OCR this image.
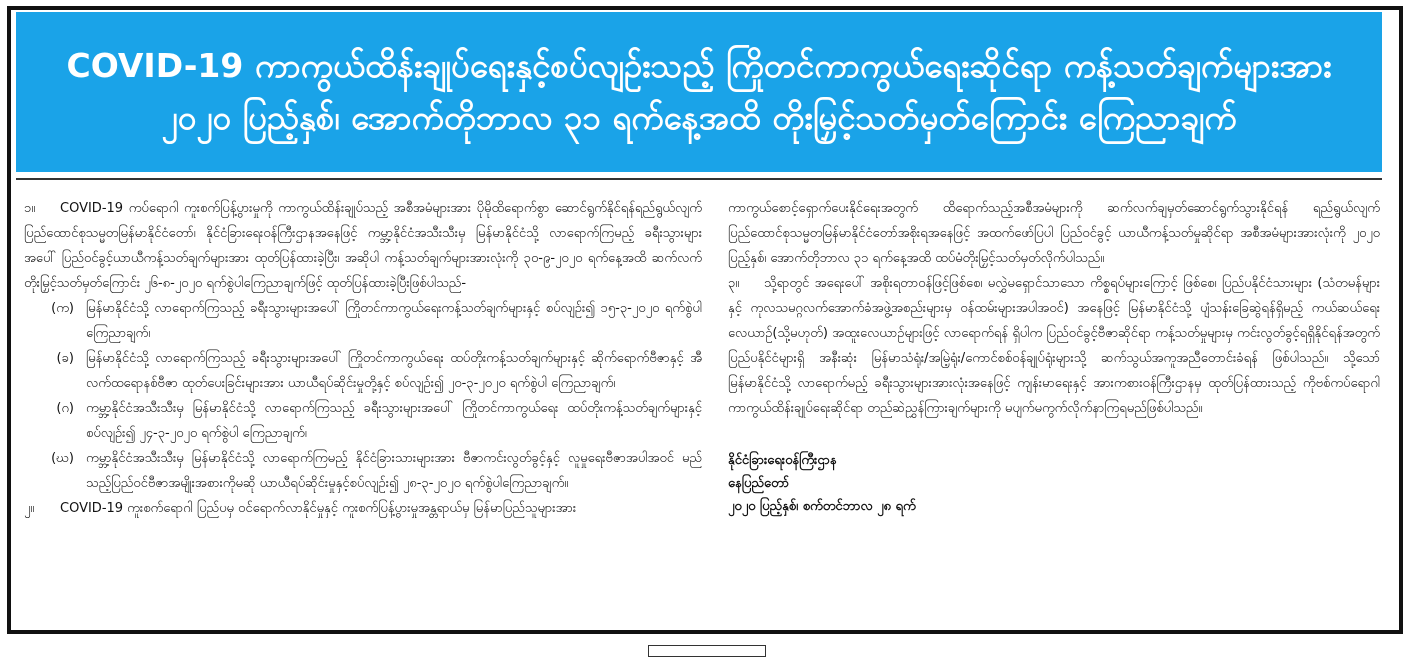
COVID-19 ကာကွယ်ထိန်းချုပ်ရေးနှင့်စပ်လျဉ်းသည့် ကြိုတင်ကာကွယ်ရေးဆိုင်ရာ ကန့်သတ်ချက်များအား
၂၀၂၀ ပြည့်နှစ်၊ အောက်တိုဘာလ ၃၁ ရက်နေ့အထိ တိုးမြှင့်သတ်မှတ်ကြောင်း ကြေညာချက်

၁။ COVID-19 ကပ်ရောဂါ ကူးစက်ပြန့်ပွားမှုကို ကာကွယ်ထိန်းချုပ်သည့် အစီအမံများအား ပိုမိုထိရောက်စွာ ဆောင်ရွက်နိုင်ရန်ရည်ရွယ်လျက် ပြည်ထောင်စုသမ္မတမြန်မာနိုင်ငံတော်၊ နိုင်ငံခြားရေးဝန်ကြီးဌာနအနေဖြင့် ကမ္ဘာ့နိုင်ငံအသီးသီးမှ မြန်မာနိုင်ငံသို့ လာရောက်ကြမည့် ခရီးသွားများအပေါ် ပြည်ဝင်ခွင့်ယာယီကန့်သတ်ချက်များအား ထုတ်ပြန်ထားခဲ့ပြီး၊ အဆိုပါ ကန့်သတ်ချက်များအားလုံးကို ၃၀-၉-၂၀၂၀ ရက်နေ့အထိ ဆက်လက်တိုးမြှင့်သတ်မှတ်ကြောင်း ၂၆-၈-၂၀၂၀ ရက်စွဲပါကြေညာချက်ဖြင့် ထုတ်ပြန်ထားခဲ့ပြီးဖြစ်ပါသည်-

(က) မြန်မာနိုင်ငံသို့ လာရောက်ကြသည့် ခရီးသွားများအပေါ် ကြိုတင်ကာကွယ်ရေးကန့်သတ်ချက်များနှင့် စပ်လျဉ်း၍ ၁၅-၃-၂၀၂၀ ရက်စွဲပါ ကြေညာချက်၊
(ခ) မြန်မာနိုင်ငံသို့ လာရောက်ကြသည့် ခရီးသွားများအပေါ် ကြိုတင်ကာကွယ်ရေး ထပ်တိုးကန့်သတ်ချက်များနှင့် ဆိုက်ရောက်ဗီဇာနှင့် အီလက်ထရောနစ်ဗီဇာ ထုတ်ပေးခြင်းများအား ယာယီရပ်ဆိုင်းမှုတို့နှင့် စပ်လျဉ်း၍ ၂၀-၃-၂၀၂၀ ရက်စွဲပါ ကြေညာချက်၊
(ဂ) ကမ္ဘာ့နိုင်ငံအသီးသီးမှ မြန်မာနိုင်ငံသို့ လာရောက်ကြသည့် ခရီးသွားများအပေါ် ကြိုတင်ကာကွယ်ရေး ထပ်တိုးကန့်သတ်ချက်များနှင့်စပ်လျဉ်း၍ ၂၄-၃-၂၀၂၀ ရက်စွဲပါ ကြေညာချက်၊
(ဃ) ကမ္ဘာ့နိုင်ငံအသီးသီးမှ မြန်မာနိုင်ငံသို့ လာရောက်ကြမည့် နိုင်ငံခြားသားများအား ဗီဇာကင်းလွတ်ခွင့်နှင့် လူမှုရေးဗီဇာအပါအဝင် မည်သည့်ပြည်ဝင်ဗီဇာအမျိုးအစားကိုမဆို ယာယီရပ်ဆိုင်းမှုနှင့်စပ်လျဉ်း၍ ၂၈-၃-၂၀၂၀ ရက်စွဲပါကြေညာချက်။

၂။ COVID-19 ကူးစက်ရောဂါ ပြည်ပမှ ဝင်ရောက်လာနိုင်မှုနှင့် ကူးစက်ပြန့်ပွားမှုအန္တရာယ်မှ မြန်မာပြည်သူများအား

ကာကွယ်စောင့်ရှောက်ပေးနိုင်ရေးအတွက် ထိရောက်သည့်အစီအမံများကို ဆက်လက်ချမှတ်ဆောင်ရွက်သွားနိုင်ရန် ရည်ရွယ်လျက် ပြည်ထောင်စုသမ္မတမြန်မာနိုင်ငံတော်အစိုးရအနေဖြင့် အထက်ဖော်ပြပါ ပြည်ဝင်ခွင့် ယာယီကန့်သတ်မှုဆိုင်ရာ အစီအမံများအားလုံးကို ၂၀၂၀ ပြည့်နှစ်၊ အောက်တိုဘာလ ၃၁ ရက်နေ့အထိ ထပ်မံတိုးမြှင့်သတ်မှတ်လိုက်ပါသည်။

၃။ သို့ရာတွင် အရေးပေါ် အစိုးရတာဝန်ဖြင့်ဖြစ်စေ၊ မလွှဲမရှောင်သာသော ကိစ္စရပ်များကြောင့် ဖြစ်စေ၊ ပြည်ပနိုင်ငံသားများ (သံတမန်များနှင့် ကုလသမဂ္ဂလက်အောက်ခံအဖွဲ့အစည်းများမှ ဝန်ထမ်းများအပါအဝင်) အနေဖြင့် မြန်မာနိုင်ငံသို့ ပျံသန်းခြေဆွဲရန်ရှိမည့် ကယ်ဆယ်ရေးလေယာဉ်(သို့မဟုတ်) အထူးလေယာဉ်များဖြင့် လာရောက်ရန် ရှိပါက ပြည်ဝင်ခွင့်ဗီဇာဆိုင်ရာ ကန့်သတ်မှုများမှ ကင်းလွတ်ခွင့်ရရှိနိုင်ရန်အတွက် ပြည်ပနိုင်ငံများရှိ အနီးဆုံး မြန်မာသံရုံး/အမြဲ့ရုံး/ကောင်စစ်ဝန်ချုပ်ရုံးများသို့ ဆက်သွယ်အကူအညီတောင်းခံရန် ဖြစ်ပါသည်။ သို့သော် မြန်မာနိုင်ငံသို့ လာရောက်မည့် ခရီးသွားများအားလုံးအနေဖြင့် ကျန်းမာရေးနှင့် အားကစားဝန်ကြီးဌာနမှ ထုတ်ပြန်ထားသည့် ကိုဗစ်ကပ်ရောဂါကာကွယ်ထိန်းချုပ်ရေးဆိုင်ရာ တည်ဆဲညွှန်ကြားချက်များကို မပျက်မကွက်လိုက်နာကြရမည်ဖြစ်ပါသည်။

နိုင်ငံခြားရေးဝန်ကြီးဌာန
နေပြည်တော်
၂၀၂၀ ပြည့်နှစ်၊ စက်တင်ဘာလ ၂၈ ရက်
